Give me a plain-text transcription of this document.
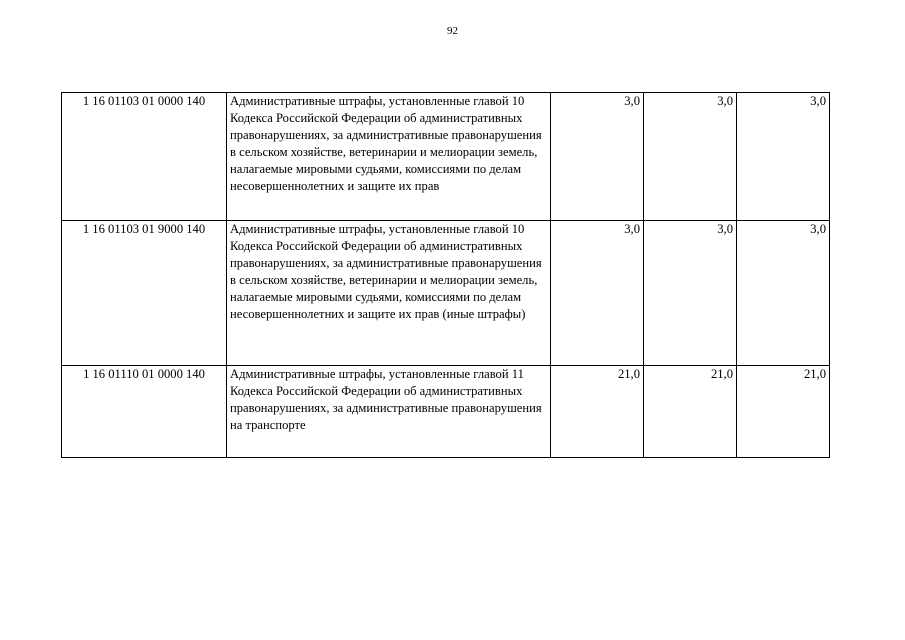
92
1 16 01103 01 0000 140	Административные штрафы, установленные главой 10 Кодекса Российской Федерации об административных правонарушениях, за административные правонарушения в сельском хозяйстве, ветеринарии и мелиорации земель, налагаемые мировыми судьями, комиссиями по делам несовершеннолетних и защите их прав	3,0	3,0	3,0
1 16 01103 01 9000 140	Административные штрафы, установленные главой 10 Кодекса Российской Федерации об административных правонарушениях, за административные правонарушения в сельском хозяйстве, ветеринарии и мелиорации земель, налагаемые мировыми судьями, комиссиями по делам несовершеннолетних и защите их прав (иные штрафы)	3,0	3,0	3,0
1 16 01110 01 0000 140	Административные штрафы, установленные главой 11 Кодекса Российской Федерации об административных правонарушениях, за административные правонарушения на транспорте	21,0	21,0	21,0
